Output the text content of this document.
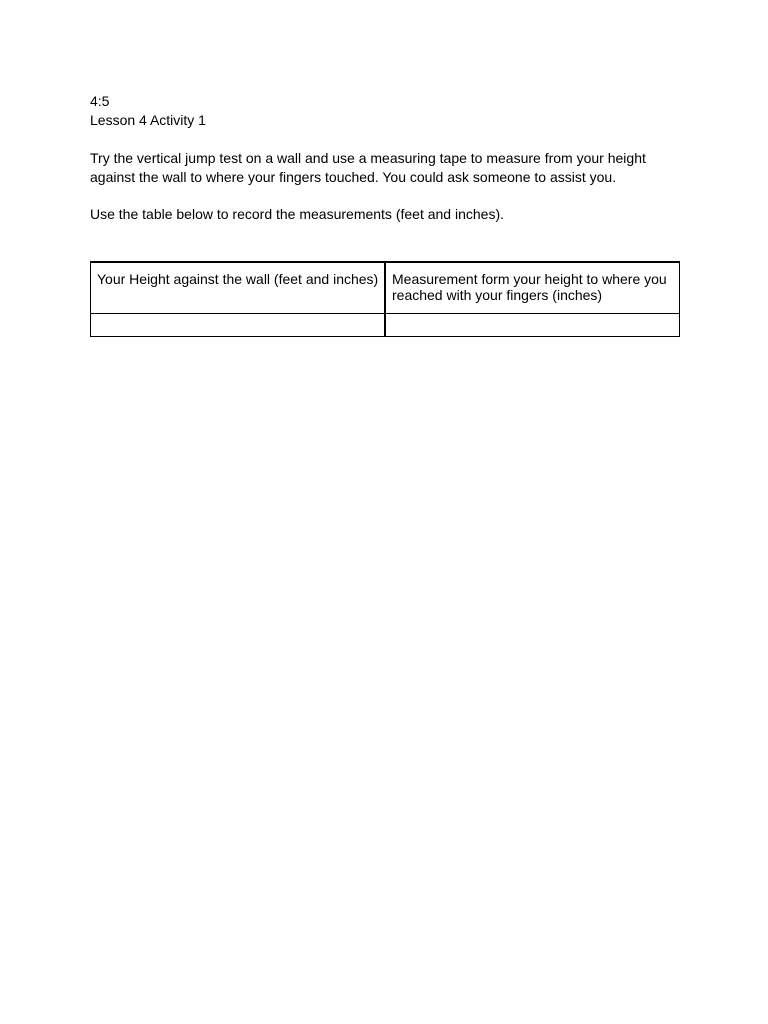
4:5

Lesson 4 Activity 1

Try the vertical jump test on a wall and use a measuring tape to measure from your height against the wall to where your fingers touched. You could ask someone to assist you.

Use the table below to record the measurements (feet and inches).

Your Height against the wall (feet and inches)	Measurement form your height to where you reached with your fingers (inches)
